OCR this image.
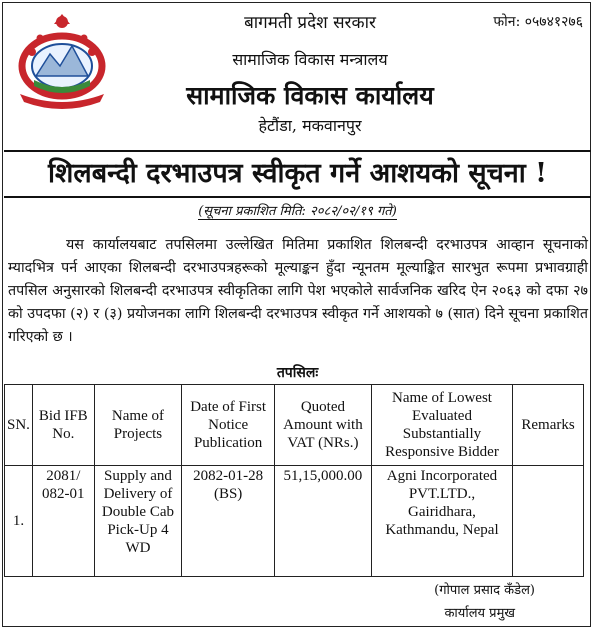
बागमती प्रदेश सरकार	फोन: ०५७४१२७६
सामाजिक विकास मन्त्रालय
सामाजिक विकास कार्यालय
हेटौंडा, मकवानपुर
शिलबन्दी दरभाउपत्र स्वीकृत गर्ने आशयको सूचना !
(सूचना प्रकाशित मिति: २०८२/०२/१९ गते)
यस कार्यालयबाट तपसिलमा उल्लेखित मितिमा प्रकाशित शिलबन्दी दरभाउपत्र आव्हान सूचनाको म्यादभित्र पर्न आएका शिलबन्दी दरभाउपत्रहरूको मूल्याङ्कन हुँदा न्यूनतम मूल्याङ्कित सारभुत रूपमा प्रभावग्राही तपसिल अनुसारको शिलबन्दी दरभाउपत्र स्वीकृतिका लागि पेश भएकोले सार्वजनिक खरिद ऐन २०६३ को दफा २७ को उपदफा (२) र (३) प्रयोजनका लागि शिलबन्दी दरभाउपत्र स्वीकृत गर्ने आशयको ७ (सात) दिने सूचना प्रकाशित गरिएको छ ।
तपसिलः
SN.	Bid IFB No.	Name of Projects	Date of First Notice Publication	Quoted Amount with VAT (NRs.)	Name of Lowest Evaluated Substantially Responsive Bidder	Remarks
1.	2081/ 082-01	Supply and Delivery of Double Cab Pick-Up 4 WD	2082-01-28 (BS)	51,15,000.00	Agni Incorporated PVT.LTD., Gairidhara, Kathmandu, Nepal	
(गोपाल प्रसाद कँडेल)
कार्यालय प्रमुख
